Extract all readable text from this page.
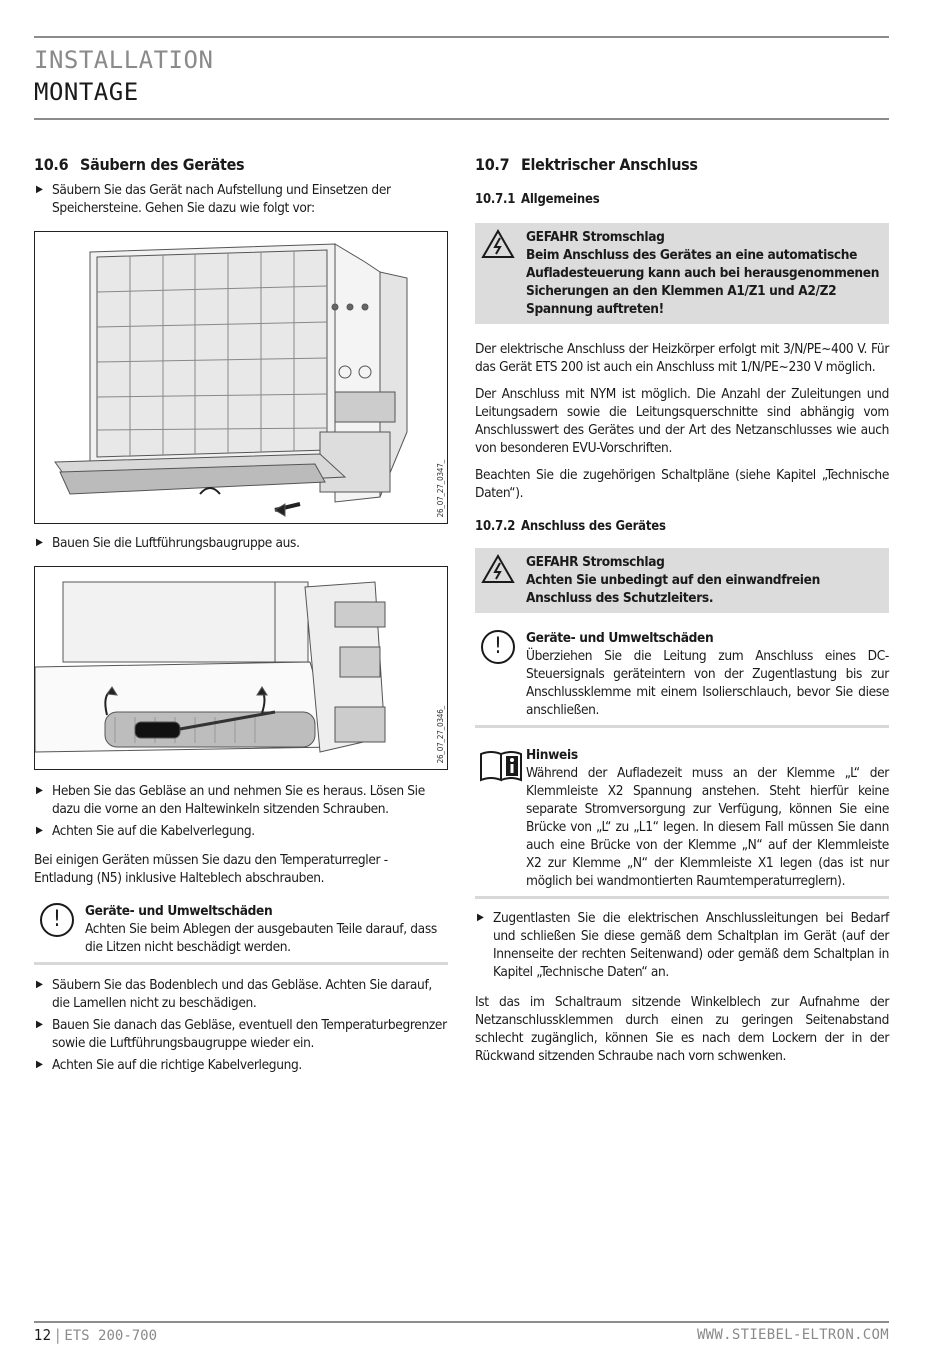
INSTALLATION
MONTAGE
10.6 Säubern des Gerätes
▶ Säubern Sie das Gerät nach Aufstellung und Einsetzen der Speichersteine. Gehen Sie dazu wie folgt vor:
26_07_27_0347_
▶ Bauen Sie die Luftführungsbaugruppe aus.
26_07_27_0346_
▶ Heben Sie das Gebläse an und nehmen Sie es heraus. Lösen Sie dazu die vorne an den Haltewinkeln sitzenden Schrauben.
▶ Achten Sie auf die Kabelverlegung.

Bei einigen Geräten müssen Sie dazu den Temperaturregler - Entladung (N5) inklusive Halteblech abschrauben.

!	Geräte- und Umweltschäden

Achten Sie beim Ablegen der ausgebauten Teile darauf, dass die Litzen nicht beschädigt werden.

▶ Säubern Sie das Bodenblech und das Gebläse. Achten Sie darauf, die Lamellen nicht zu beschädigen.
▶ Bauen Sie danach das Gebläse, eventuell den Temperaturbegrenzer sowie die Luftführungsbaugruppe wieder ein.
▶ Achten Sie auf die richtige Kabelverlegung.
10.7 Elektrischer Anschluss
10.7.1 Allgemeines

GEFAHR Stromschlag

Beim Anschluss des Gerätes an eine automatische Aufladesteuerung kann auch bei herausgenommenen Sicherungen an den Klemmen A1/Z1 und A2/Z2 Spannung auftreten!

Der elektrische Anschluss der Heizkörper erfolgt mit 3/N/PE~400 V. Für das Gerät ETS 200 ist auch ein Anschluss mit 1/N/PE~230 V möglich.

Der Anschluss mit NYM ist möglich. Die Anzahl der Zuleitungen und Leitungsadern sowie die Leitungsquerschnitte sind abhängig vom Anschlusswert des Gerätes und der Art des Netzanschlusses wie auch von besonderen EVU-Vorschriften.

Beachten Sie die zugehörigen Schaltpläne (siehe Kapitel „Technische Daten“).

10.7.2 Anschluss des Gerätes

GEFAHR Stromschlag

Achten Sie unbedingt auf den einwandfreien Anschluss des Schutzleiters.

!	Geräte- und Umweltschäden

Überziehen Sie die Leitung zum Anschluss eines DC-Steuersignals geräteintern von der Zugentlastung bis zur Anschlussklemme mit einem Isolierschlauch, bevor Sie diese anschließen.

Hinweis

Während der Aufladezeit muss an der Klemme „L“ der Klemmleiste X2 Spannung anstehen. Steht hierfür keine separate Stromversorgung zur Verfügung, können Sie eine Brücke von „L“ zu „L1“ legen. In diesem Fall müssen Sie dann auch eine Brücke von der Klemme „N“ auf der Klemmleiste X2 zur Klemme „N“ der Klemmleiste X1 legen (das ist nur möglich bei wandmontierten Raumtemperaturreglern).

▶ Zugentlasten Sie die elektrischen Anschlussleitungen bei Bedarf und schließen Sie diese gemäß dem Schaltplan im Gerät (auf der Innenseite der rechten Seitenwand) oder gemäß dem Schaltplan in Kapitel „Technische Daten“ an.

Ist das im Schaltraum sitzende Winkelblech zur Aufnahme der Netzanschlussklemmen durch einen zu geringen Seitenabstand schlecht zugänglich, können Sie es nach dem Lockern der in der Rückwand sitzenden Schraube nach vorn schwenken.

12 | ETS 200-700	WWW.STIEBEL-ELTRON.COM
